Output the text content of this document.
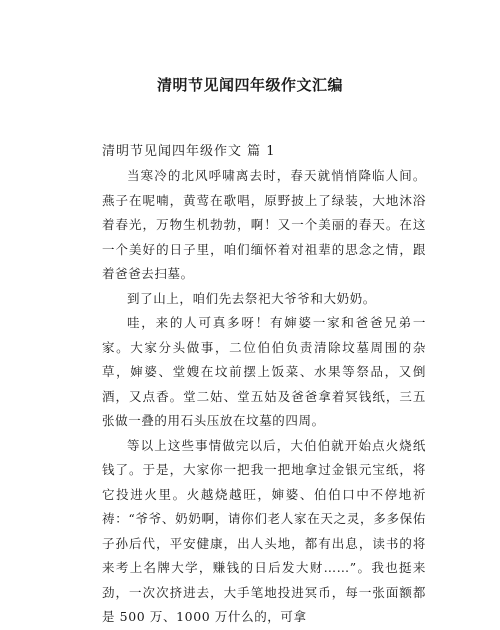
清明节见闻四年级作文汇编
清明节见闻四年级作文 篇 1

当寒冷的北风呼啸离去时，春天就悄悄降临人间。燕子在呢喃，黄莺在歌唱，原野披上了绿装，大地沐浴着春光，万物生机勃勃，啊！又一个美丽的春天。在这一个美好的日子里，咱们缅怀着对祖辈的思念之情，跟着爸爸去扫墓。

到了山上，咱们先去祭祀大爷爷和大奶奶。

哇，来的人可真多呀！有婶婆一家和爸爸兄弟一家。大家分头做事，二位伯伯负责清除坟墓周围的杂草，婶婆、堂嫂在坟前摆上饭菜、水果等祭品，又倒酒，又点香。堂二姑、堂五姑及爸爸拿着冥钱纸，三五张做一叠的用石头压放在坟墓的四周。

等以上这些事情做完以后，大伯伯就开始点火烧纸钱了。于是，大家你一把我一把地拿过金银元宝纸，将它投进火里。火越烧越旺，婶婆、伯伯口中不停地祈祷：“爷爷、奶奶啊，请你们老人家在天之灵，多多保佑子孙后代，平安健康，出人头地，都有出息，读书的将来考上名牌大学，赚钱的日后发大财……”。我也挺来劲，一次次挤进去，大手笔地投进冥币，每一张面额都是 500 万、1000 万什么的，可拿
